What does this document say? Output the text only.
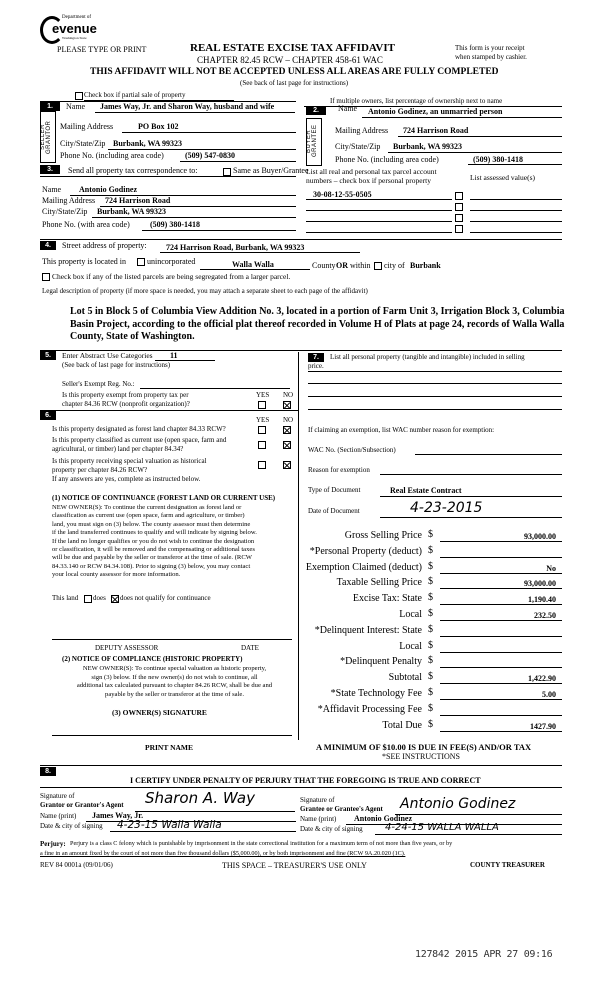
Department of
evenue
Washington State
PLEASE TYPE OR PRINT	REAL ESTATE EXCISE TAX AFFIDAVIT
CHAPTER 82.45 RCW – CHAPTER 458-61 WAC
This form is your receipt
when stamped by cashier.
THIS AFFIDAVIT WILL NOT BE ACCEPTED UNLESS ALL AREAS ARE FULLY COMPLETED
(See back of last page for instructions)
Check box if partial sale of property
If multiple owners, list percentage of ownership next to name
1.
SELLER GRANTOR
Name James Way, Jr. and Sharon Way, husband and wife
Mailing Address	PO Box 102
City/State/Zip Burbank, WA 99323
Phone No. (including area code)	(509) 547-0830
2.
BUYER GRANTEE
Name Antonio Godinez, an unmarried person
Mailing Address 724 Harrison Road
City/State/Zip Burbank, WA 99323
Phone No. (including area code)	(509) 380-1418
3.	Send all property tax correspondence to:	Same as Buyer/Grantee
Name Antonio Godinez
Mailing Address 724 Harrison Road
City/State/Zip Burbank, WA 99323
Phone No. (with area code)	(509) 380-1418
List all real and personal tax parcel account
numbers – check box if personal property	List assessed value(s)
30-08-12-55-0505
4.	Street address of property: 724 Harrison Road, Burbank, WA 99323
This property is located in	unincorporated	Walla Walla	County OR within city of Burbank
Check box if any of the listed parcels are being segregated from a larger parcel.
Legal description of property (if more space is needed, you may attach a separate sheet to each page of the affidavit)
Lot 5 in Block 5 of Columbia View Addition No. 3, located in a portion of Farm Unit 3, Irrigation Block 3, Columbia Basin Project, according to the official plat thereof recorded in Volume H of Plats at page 24, records of Walla Walla County, State of Washington.
5.	Enter Abstract Use Categories 11
(See back of last page for instructions)
Seller's Exempt Reg. No.:
Is this property exempt from property tax per
chapter 84.36 RCW (nonprofit organization)?
YES NO
6.
YES NO
Is this property designated as forest land chapter 84.33 RCW?
Is this property classified as current use (open space, farm and
agricultural, or timber) land per chapter 84.34?
Is this property receiving special valuation as historical
property per chapter 84.26 RCW?
If any answers are yes, complete as instructed below.
(1) NOTICE OF CONTINUANCE (FOREST LAND OR CURRENT USE)
NEW OWNER(S): To continue the current designation as forest land or
classification as current use (open space, farm and agriculture, or timber)
land, you must sign on (3) below. The county assessor must then determine
if the land transferred continues to qualify and will indicate by signing below.
If the land no longer qualifies or you do not wish to continue the designation
or classification, it will be removed and the compensating or additional taxes
will be due and payable by the seller or transferor at the time of sale. (RCW
84.33.140 or RCW 84.34.108). Prior to signing (3) below, you may contact
your local county assessor for more information.
This land does does not qualify for continuance
DEPUTY ASSESSOR	DATE
(2) NOTICE OF COMPLIANCE (HISTORIC PROPERTY)
NEW OWNER(S): To continue special valuation as historic property,
sign (3) below. If the new owner(s) do not wish to continue, all
additional tax calculated pursuant to chapter 84.26 RCW, shall be due and
payable by the seller or transferor at the time of sale.
(3) OWNER(S) SIGNATURE
PRINT NAME
7.	List all personal property (tangible and intangible) included in selling
price.
If claiming an exemption, list WAC number reason for exemption:
WAC No. (Section/Subsection)
Reason for exemption
Type of Document	Real Estate Contract
Date of Document	4-23-2015
Gross Selling Price $	93,000.00
*Personal Property (deduct) $
Exemption Claimed (deduct) $	No
Taxable Selling Price $	93,000.00
Excise Tax: State $	1,190.40
Local $	232.50
*Delinquent Interest: State $
Local $
*Delinquent Penalty $
Subtotal $	1,422.90
*State Technology Fee $	5.00
*Affidavit Processing Fee $
Total Due $	1427.90
A MINIMUM OF $10.00 IS DUE IN FEE(S) AND/OR TAX
*SEE INSTRUCTIONS
8.
I CERTIFY UNDER PENALTY OF PERJURY THAT THE FOREGOING IS TRUE AND CORRECT
Signature of
Grantor or Grantor's Agent Sharon A. Way
Name (print) James Way, Jr.
Date & city of signing 4-23-15 Walla Walla
Signature of
Grantee or Grantee's Agent Antonio Godinez
Name (print) Antonio Godinez
Date & city of signing 4-24-15 WALLA WALLA
Perjury: Perjury is a class C felony which is punishable by imprisonment in the state correctional institution for a maximum term of not more than five years, or by
a fine in an amount fixed by the court of not more than five thousand dollars ($5,000.00), or by both imprisonment and fine (RCW 9A.20.020 (1C).
REV 84 0001a (09/01/06)	THIS SPACE – TREASURER'S USE ONLY	COUNTY TREASURER
127842 2015 APR 27 09:16
